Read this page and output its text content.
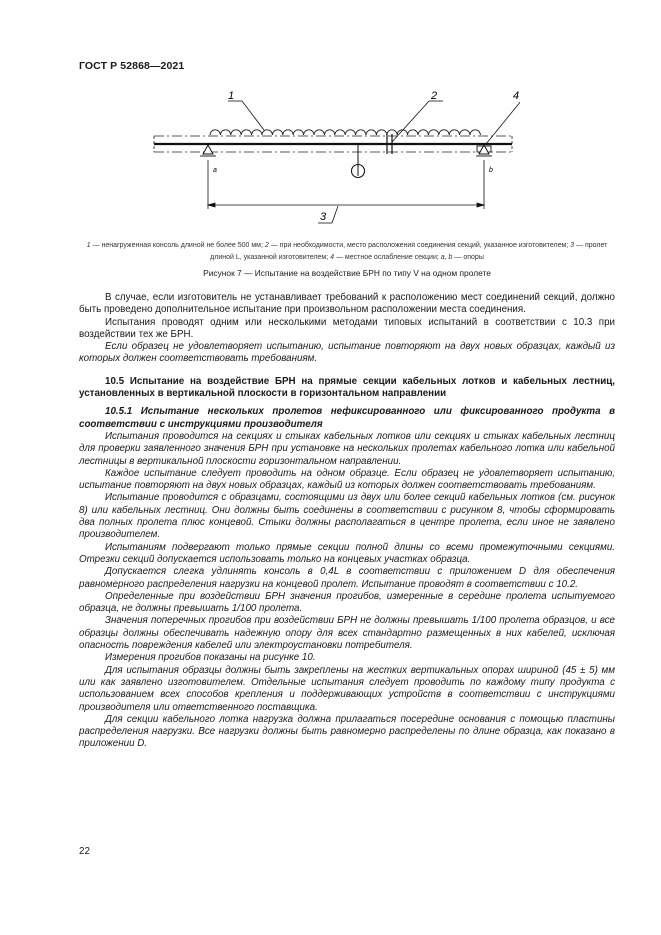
ГОСТ Р 52868—2021
a	b
1	2	4
3
1 — ненагруженная консоль длиной не более 500 мм; 2 — при необходимости, место расположения соединения секций, указанное изготовителем; 3 — пролет длиной L, указанной изготовителем; 4 — местное ослабление секции; a, b — опоры
Рисунок 7 — Испытание на воздействие БРН по типу V на одном пролете

В случае, если изготовитель не устанавливает требований к расположению мест соединений секций, должно быть проведено дополнительное испытание при произвольном расположении места соединения.

Испытания проводят одним или несколькими методами типовых испытаний в соответствии с 10.3 при воздействии тех же БРН.

Если образец не удовлетворяет испытанию, испытание повторяют на двух новых образцах, каждый из которых должен соответствовать требованиям.

10.5 Испытание на воздействие БРН на прямые секции кабельных лотков и кабельных лестниц, установленных в вертикальной плоскости в горизонтальном направлении
10.5.1 Испытание нескольких пролетов нефиксированного или фиксированного продукта в соответствии с инструкциями производителя

Испытания проводится на секциях и стыках кабельных лотков или секциях и стыках кабельных лестниц для проверки заявленного значения БРН при установке на нескольких пролетах кабельного лотка или кабельной лестницы в вертикальной плоскости горизонтальном направлении.

Каждое испытание следует проводить на одном образце. Если образец не удовлетворяет испытанию, испытание повторяют на двух новых образцах, каждый из которых должен соответствовать требованиям.

Испытание проводится с образцами, состоящими из двух или более секций кабельных лотков (см. рисунок 8) или кабельных лестниц. Они должны быть соединены в соответствии с рисунком 8, чтобы сформировать два полных пролета плюс концевой. Стыки должны располагаться в центре пролета, если иное не заявлено производителем.

Испытаниям подвергают только прямые секции полной длины со всеми промежуточными секциями. Отрезки секций допускается использовать только на концевых участках образца.

Допускается слегка удлинять консоль в 0,4L в соответствии с приложением D для обеспечения равномерного распределения нагрузки на концевой пролет. Испытание проводят в соответствии с 10.2.

Определенные при воздействии БРН значения прогибов, измеренные в середине пролета испытуемого образца, не должны превышать 1/100 пролета.

Значения поперечных прогибов при воздействии БРН не должны превышать 1/100 пролета образцов, и все образцы должны обеспечивать надежную опору для всех стандартно размещенных в них кабелей, исключая опасность повреждения кабелей или электроустановки потребителя.

Измерения прогибов показаны на рисунке 10.

Для испытания образцы должны быть закреплены на жестких вертикальных опорах шириной (45 ± 5) мм или как заявлено изготовителем. Отдельные испытания следует проводить по каждому типу продукта с использованием всех способов крепления и поддерживающих устройств в соответствии с инструкциями производителя или ответственного поставщика.

Для секции кабельного лотка нагрузка должна прилагаться посередине основания с помощью пластины распределения нагрузки. Все нагрузки должны быть равномерно распределены по длине образца, как показано в приложении D.

22
